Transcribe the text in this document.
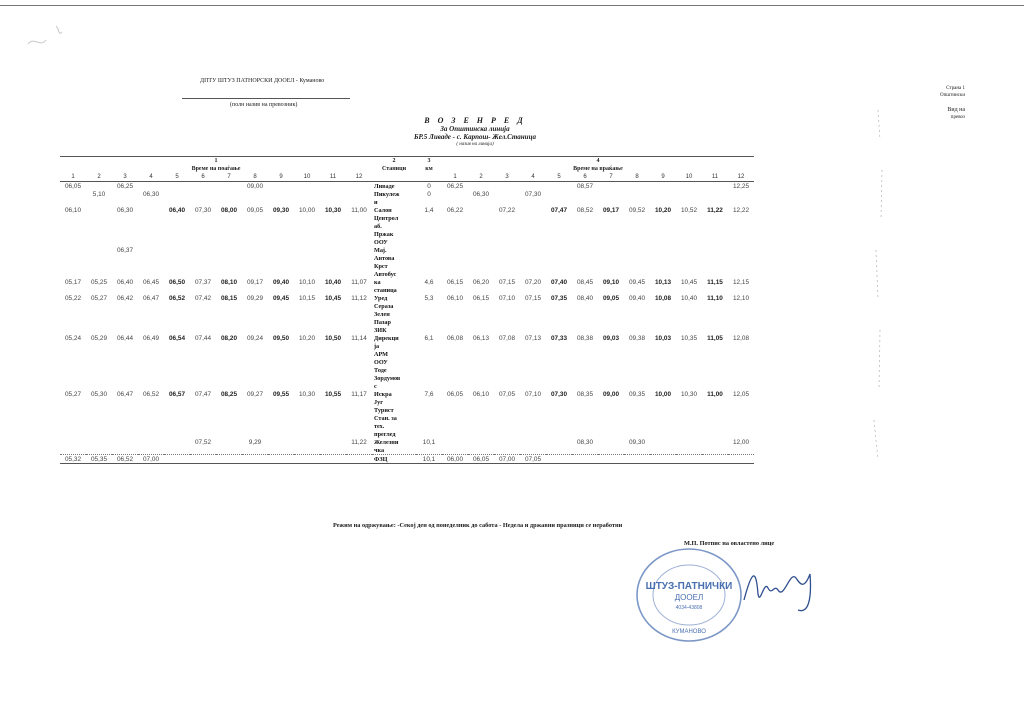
ДПТУ ШТУЗ ПАТНОРСКИ ДООЕЛ - Куманово
(полн назив на превозник)
Страна 1
Општински
Вид на
превоз
В О З Е Н Р Е Д
За Општинска линија
БР.5 Ливаде - с. Карпош- Жел.Станица
( назив на линија)
1												2	3	4											
Време на поаѓање												Станици	км	Време на враќање											
1	2	3	4	5	6	7	8	9	10	11	12			1	2	3	4	5	6	7	8	9	10	11	12
06,05		06,25					09,00					Ливаде	0	06,25					08,57						12,25
	5,10		06,30									Пикулеж	0		06,30		07,30								
												и													
06,10		06,30		06,40	07,30	08,00	09,05	09,30	10,00	10,30	11,00	Салон	1,4	06,22		07,22		07,47	08,52	09,17	09,52	10,20	10,52	11,22	12,22
												Центрол													
												аб.													
												Пржак													
												ООУ													
		06,37										Мај.													
												Антова													
												Крст													
												Автобус													
05,17	05,25	06,40	06,45	06,50	07,37	08,10	09,17	09,40	10,10	10,40	11,07	ка	4,6	06,15	06,20	07,15	07,20	07,40	08,45	09,10	09,45	10,13	10,45	11,15	12,15
												станица													
05,22	05,27	06,42	06,47	06,52	07,42	08,15	09,29	09,45	10,15	10,45	11,12	Уред	5,3	06,10	06,15	07,10	07,15	07,35	08,40	09,05	09,40	10,08	10,40	11,10	12,10
												Сераза													
												Зелен													
												Пазар													
												ЗИК													
05,24	05,29	06,44	06,49	06,54	07,44	08,20	09,24	09,50	10,20	10,50	11,14	Дирекци	6,1	06,08	06,13	07,08	07,13	07,33	08,38	09,03	09,38	10,03	10,35	11,05	12,08
												ја													
												АРМ													
												ООУ													
												Тоде													
												Зордумов													
												с													
05,27	05,30	06,47	06,52	06,57	07,47	08,25	09,27	09,55	10,30	10,55	11,17	Искра	7,6	06,05	06,10	07,05	07,10	07,30	08,35	09,00	09,35	10,00	10,30	11,00	12,05
												Југ													
												Турист													
												Стан. за													
												тех.													
												преглед													
					07,52		9,29				11,22	Железни	10,1						08,30		09,30				12,00
												чка													
05,32	05,35	06,52	07,00									ФЗЦ	10,1	06,00	06,05	07,00	07,05								
Режим на одржување: -Секој ден од понеделник до сабота - Недела и државни празници се неработни
М.П. Потпис на овластено лице
ШТУЗ-ПАТНИЧКИ
ДООЕЛ
4034-43808
КУМАНОВО
